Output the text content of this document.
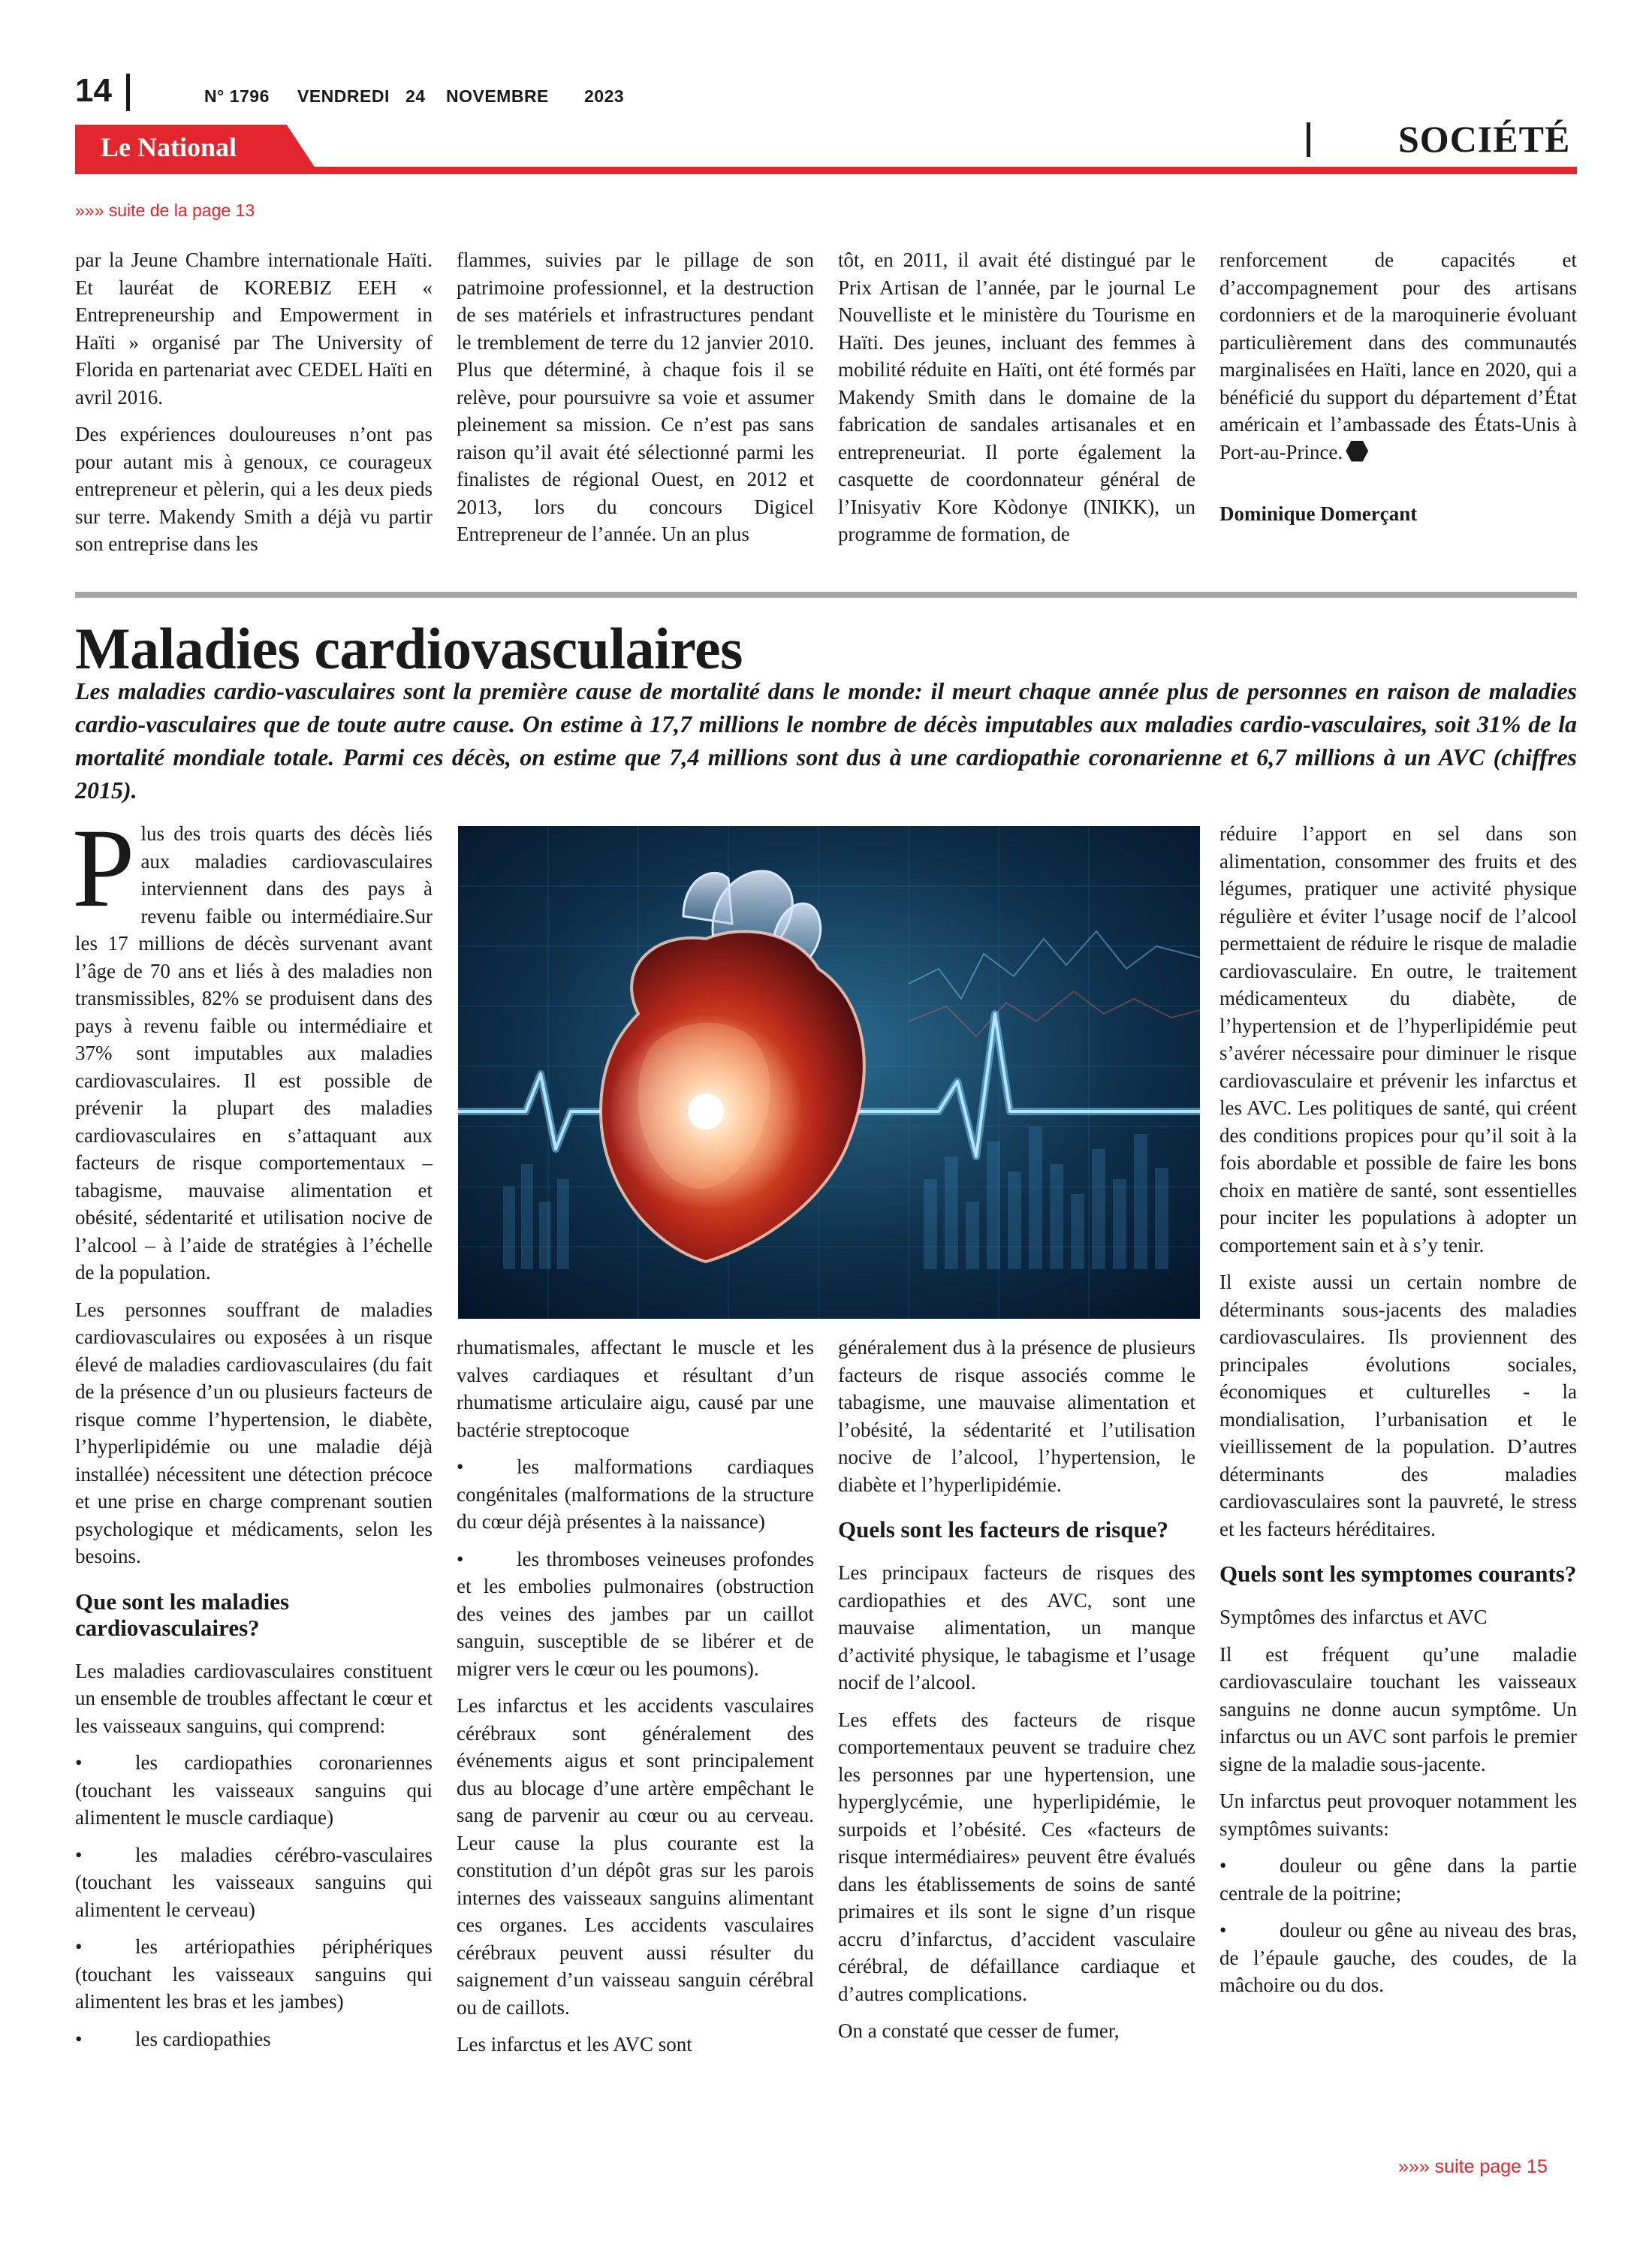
14	N° 1796 VENDREDI 24 NOVEMBRE 2023
Le National	SOCIÉTÉ
»»» suite de la page 13

par la Jeune Chambre internationale Haïti. Et lauréat de KOREBIZ EEH « Entrepreneurship and Empowerment in Haïti » organisé par The University of Florida en partenariat avec CEDEL Haïti en avril 2016.

Des expériences douloureuses n’ont pas pour autant mis à genoux, ce courageux entrepreneur et pèlerin, qui a les deux pieds sur terre. Makendy Smith a déjà vu partir son entreprise dans les

flammes, suivies par le pillage de son patrimoine professionnel, et la destruction de ses matériels et infrastructures pendant le tremblement de terre du 12 janvier 2010. Plus que déterminé, à chaque fois il se relève, pour poursuivre sa voie et assumer pleinement sa mission. Ce n’est pas sans raison qu’il avait été sélectionné parmi les finalistes de régional Ouest, en 2012 et 2013, lors du concours Digicel Entrepreneur de l’année. Un an plus

tôt, en 2011, il avait été distingué par le Prix Artisan de l’année, par le journal Le Nouvelliste et le ministère du Tourisme en Haïti. Des jeunes, incluant des femmes à mobilité réduite en Haïti, ont été formés par Makendy Smith dans le domaine de la fabrication de sandales artisanales et en entrepreneuriat. Il porte également la casquette de coordonnateur général de l’Inisyativ Kore Kòdonye (INIKK), un programme de formation, de

renforcement de capacités et d’accompagnement pour des artisans cordonniers et de la maroquinerie évoluant particulièrement dans des communautés marginalisées en Haïti, lance en 2020, qui a bénéficié du support du département d’État américain et l’ambassade des États-Unis à Port-au-Prince.

Dominique Domerçant

Maladies cardiovasculaires
Les maladies cardio-vasculaires sont la première cause de mortalité dans le monde: il meurt chaque année plus de personnes en raison de maladies cardio-vasculaires que de toute autre cause. On estime à 17,7 millions le nombre de décès imputables aux maladies cardio-vasculaires, soit 31% de la mortalité mondiale totale. Parmi ces décès, on estime que 7,4 millions sont dus à une cardiopathie coronarienne et 6,7 millions à un AVC (chiffres 2015).

Plus des trois quarts des décès liés aux maladies cardiovasculaires interviennent dans des pays à revenu faible ou intermédiaire.Sur les 17 millions de décès survenant avant l’âge de 70 ans et liés à des maladies non transmissibles, 82% se produisent dans des pays à revenu faible ou intermédiaire et 37% sont imputables aux maladies cardiovasculaires. Il est possible de prévenir la plupart des maladies cardiovasculaires en s’attaquant aux facteurs de risque comportementaux – tabagisme, mauvaise alimentation et obésité, sédentarité et utilisation nocive de l’alcool – à l’aide de stratégies à l’échelle de la population.

Les personnes souffrant de maladies cardiovasculaires ou exposées à un risque élevé de maladies cardiovasculaires (du fait de la présence d’un ou plusieurs facteurs de risque comme l’hypertension, le diabète, l’hyperlipidémie ou une maladie déjà installée) nécessitent une détection précoce et une prise en charge comprenant soutien psychologique et médicaments, selon les besoins.

Que sont les maladies cardiovasculaires?

Les maladies cardiovasculaires constituent un ensemble de troubles affectant le cœur et les vaisseaux sanguins, qui comprend:

•	les cardiopathies coronariennes (touchant les vaisseaux sanguins qui alimentent le muscle cardiaque)
•	les maladies cérébro-vasculaires (touchant les vaisseaux sanguins qui alimentent le cerveau)
•	les artériopathies périphériques (touchant les vaisseaux sanguins qui alimentent les bras et les jambes)
•	les cardiopathies

rhumatismales, affectant le muscle et les valves cardiaques et résultant d’un rhumatisme articulaire aigu, causé par une bactérie streptocoque

•	les malformations cardiaques congénitales (malformations de la structure du cœur déjà présentes à la naissance)
•	les thromboses veineuses profondes et les embolies pulmonaires (obstruction des veines des jambes par un caillot sanguin, susceptible de se libérer et de migrer vers le cœur ou les poumons).

Les infarctus et les accidents vasculaires cérébraux sont généralement des événements aigus et sont principalement dus au blocage d’une artère empêchant le sang de parvenir au cœur ou au cerveau. Leur cause la plus courante est la constitution d’un dépôt gras sur les parois internes des vaisseaux sanguins alimentant ces organes. Les accidents vasculaires cérébraux peuvent aussi résulter du saignement d’un vaisseau sanguin cérébral ou de caillots.

Les infarctus et les AVC sont

généralement dus à la présence de plusieurs facteurs de risque associés comme le tabagisme, une mauvaise alimentation et l’obésité, la sédentarité et l’utilisation nocive de l’alcool, l’hypertension, le diabète et l’hyperlipidémie.

Quels sont les facteurs de risque?

Les principaux facteurs de risques des cardiopathies et des AVC, sont une mauvaise alimentation, un manque d’activité physique, le tabagisme et l’usage nocif de l’alcool.

Les effets des facteurs de risque comportementaux peuvent se traduire chez les personnes par une hypertension, une hyperglycémie, une hyperlipidémie, le surpoids et l’obésité. Ces «facteurs de risque intermédiaires» peuvent être évalués dans les établissements de soins de santé primaires et ils sont le signe d’un risque accru d’infarctus, d’accident vasculaire cérébral, de défaillance cardiaque et d’autres complications.

On a constaté que cesser de fumer,

réduire l’apport en sel dans son alimentation, consommer des fruits et des légumes, pratiquer une activité physique régulière et éviter l’usage nocif de l’alcool permettaient de réduire le risque de maladie cardiovasculaire. En outre, le traitement médicamenteux du diabète, de l’hypertension et de l’hyperlipidémie peut s’avérer nécessaire pour diminuer le risque cardiovasculaire et prévenir les infarctus et les AVC. Les politiques de santé, qui créent des conditions propices pour qu’il soit à la fois abordable et possible de faire les bons choix en matière de santé, sont essentielles pour inciter les populations à adopter un comportement sain et à s’y tenir.

Il existe aussi un certain nombre de déterminants sous-jacents des maladies cardiovasculaires. Ils proviennent des principales évolutions sociales, économiques et culturelles - la mondialisation, l’urbanisation et le vieillissement de la population. D’autres déterminants des maladies cardiovasculaires sont la pauvreté, le stress et les facteurs héréditaires.

Quels sont les symptomes courants?

Symptômes des infarctus et AVC

Il est fréquent qu’une maladie cardiovasculaire touchant les vaisseaux sanguins ne donne aucun symptôme. Un infarctus ou un AVC sont parfois le premier signe de la maladie sous-jacente.

Un infarctus peut provoquer notamment les symptômes suivants:

•	douleur ou gêne dans la partie centrale de la poitrine;
•	douleur ou gêne au niveau des bras, de l’épaule gauche, des coudes, de la mâchoire ou du dos.
»»» suite page 15
